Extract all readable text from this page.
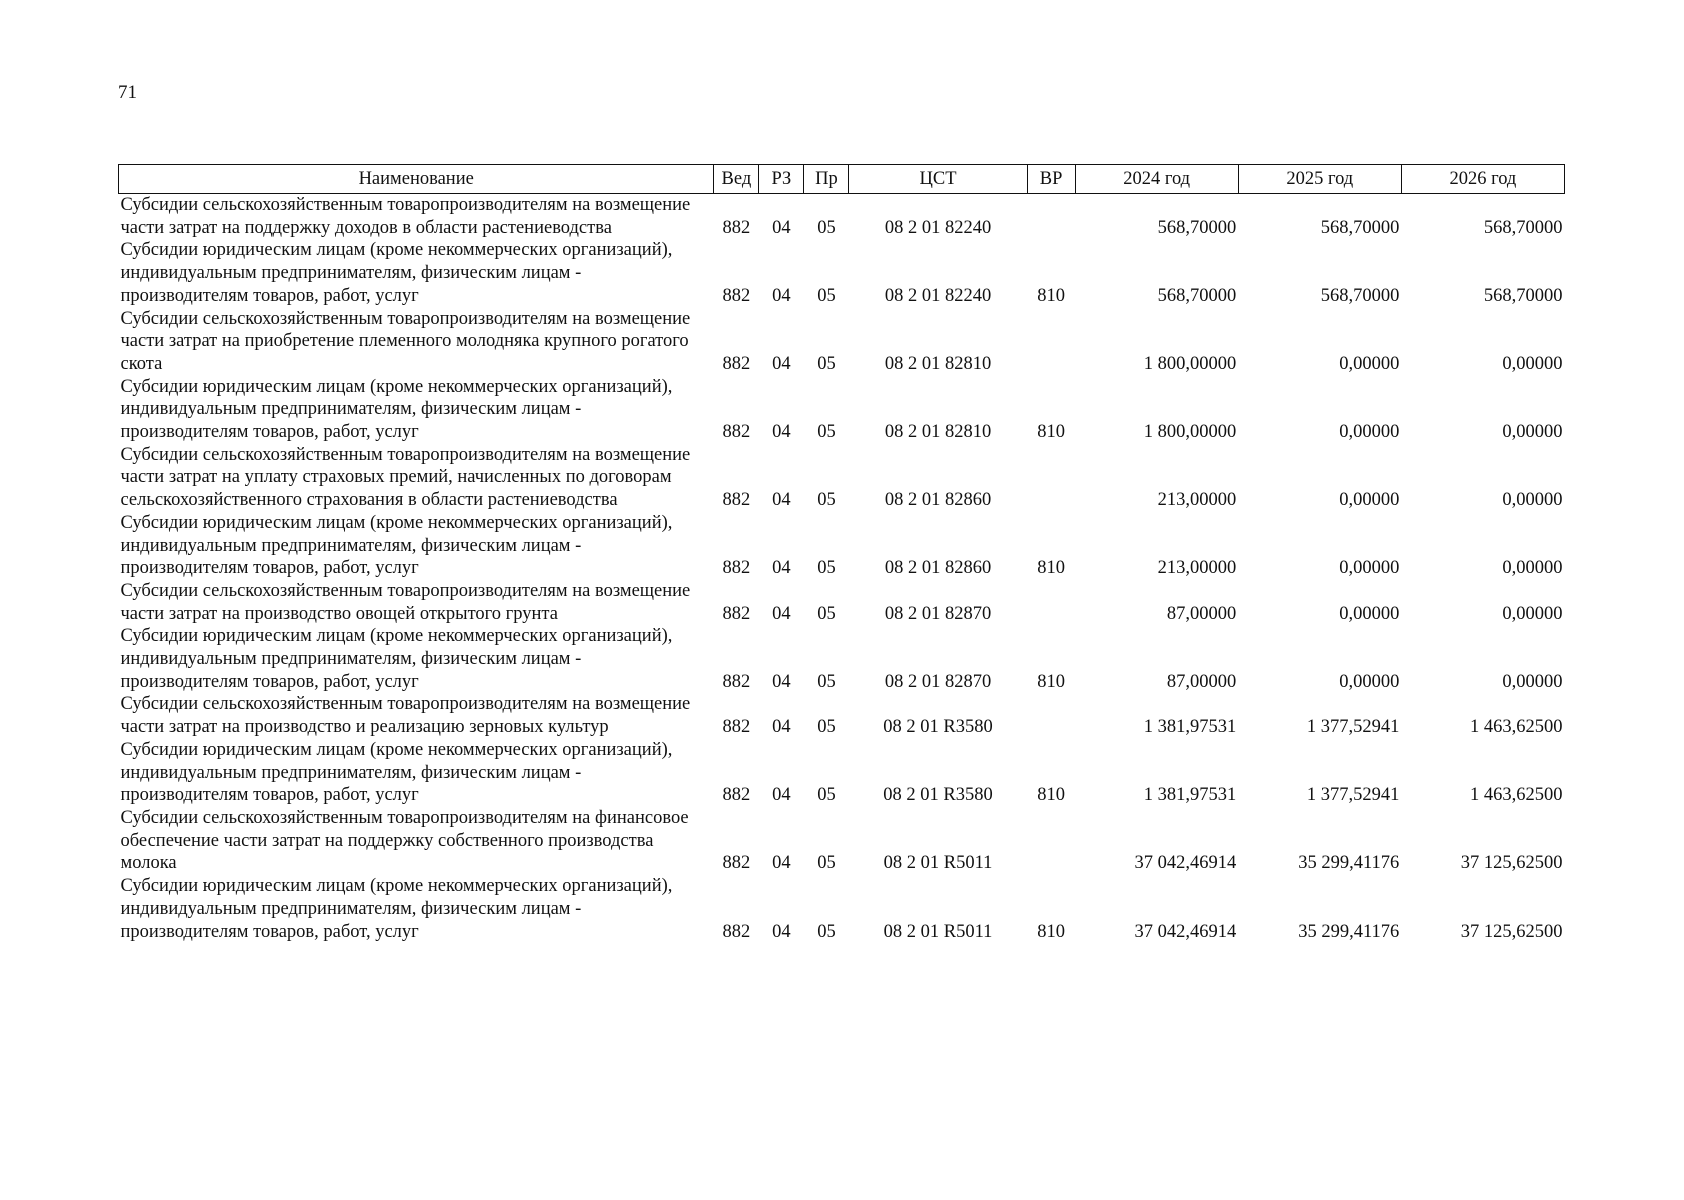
71
Наименование	Вед	РЗ	Пр	ЦСТ	ВР	2024 год	2025 год	2026 год
Субсидии сельскохозяйственным товаропроизводителям на возмещение части затрат на поддержку доходов в области растениеводства	882	04	05	08 2 01 82240		568,70000	568,70000	568,70000
Субсидии юридическим лицам (кроме некоммерческих организаций), индивидуальным предпринимателям, физическим лицам - производителям товаров, работ, услуг	882	04	05	08 2 01 82240	810	568,70000	568,70000	568,70000
Субсидии сельскохозяйственным товаропроизводителям на возмещение части затрат на приобретение племенного молодняка крупного рогатого скота	882	04	05	08 2 01 82810		1 800,00000	0,00000	0,00000
Субсидии юридическим лицам (кроме некоммерческих организаций), индивидуальным предпринимателям, физическим лицам - производителям товаров, работ, услуг	882	04	05	08 2 01 82810	810	1 800,00000	0,00000	0,00000
Субсидии сельскохозяйственным товаропроизводителям на возмещение части затрат на уплату страховых премий, начисленных по договорам сельскохозяйственного страхования в области растениеводства	882	04	05	08 2 01 82860		213,00000	0,00000	0,00000
Субсидии юридическим лицам (кроме некоммерческих организаций), индивидуальным предпринимателям, физическим лицам - производителям товаров, работ, услуг	882	04	05	08 2 01 82860	810	213,00000	0,00000	0,00000
Субсидии сельскохозяйственным товаропроизводителям на возмещение части затрат на производство овощей открытого грунта	882	04	05	08 2 01 82870		87,00000	0,00000	0,00000
Субсидии юридическим лицам (кроме некоммерческих организаций), индивидуальным предпринимателям, физическим лицам - производителям товаров, работ, услуг	882	04	05	08 2 01 82870	810	87,00000	0,00000	0,00000
Субсидии сельскохозяйственным товаропроизводителям на возмещение части затрат на производство и реализацию зерновых культур	882	04	05	08 2 01 R3580		1 381,97531	1 377,52941	1 463,62500
Субсидии юридическим лицам (кроме некоммерческих организаций), индивидуальным предпринимателям, физическим лицам - производителям товаров, работ, услуг	882	04	05	08 2 01 R3580	810	1 381,97531	1 377,52941	1 463,62500
Субсидии сельскохозяйственным товаропроизводителям на финансовое обеспечение части затрат на поддержку собственного производства молока	882	04	05	08 2 01 R5011		37 042,46914	35 299,41176	37 125,62500
Субсидии юридическим лицам (кроме некоммерческих организаций), индивидуальным предпринимателям, физическим лицам - производителям товаров, работ, услуг	882	04	05	08 2 01 R5011	810	37 042,46914	35 299,41176	37 125,62500
